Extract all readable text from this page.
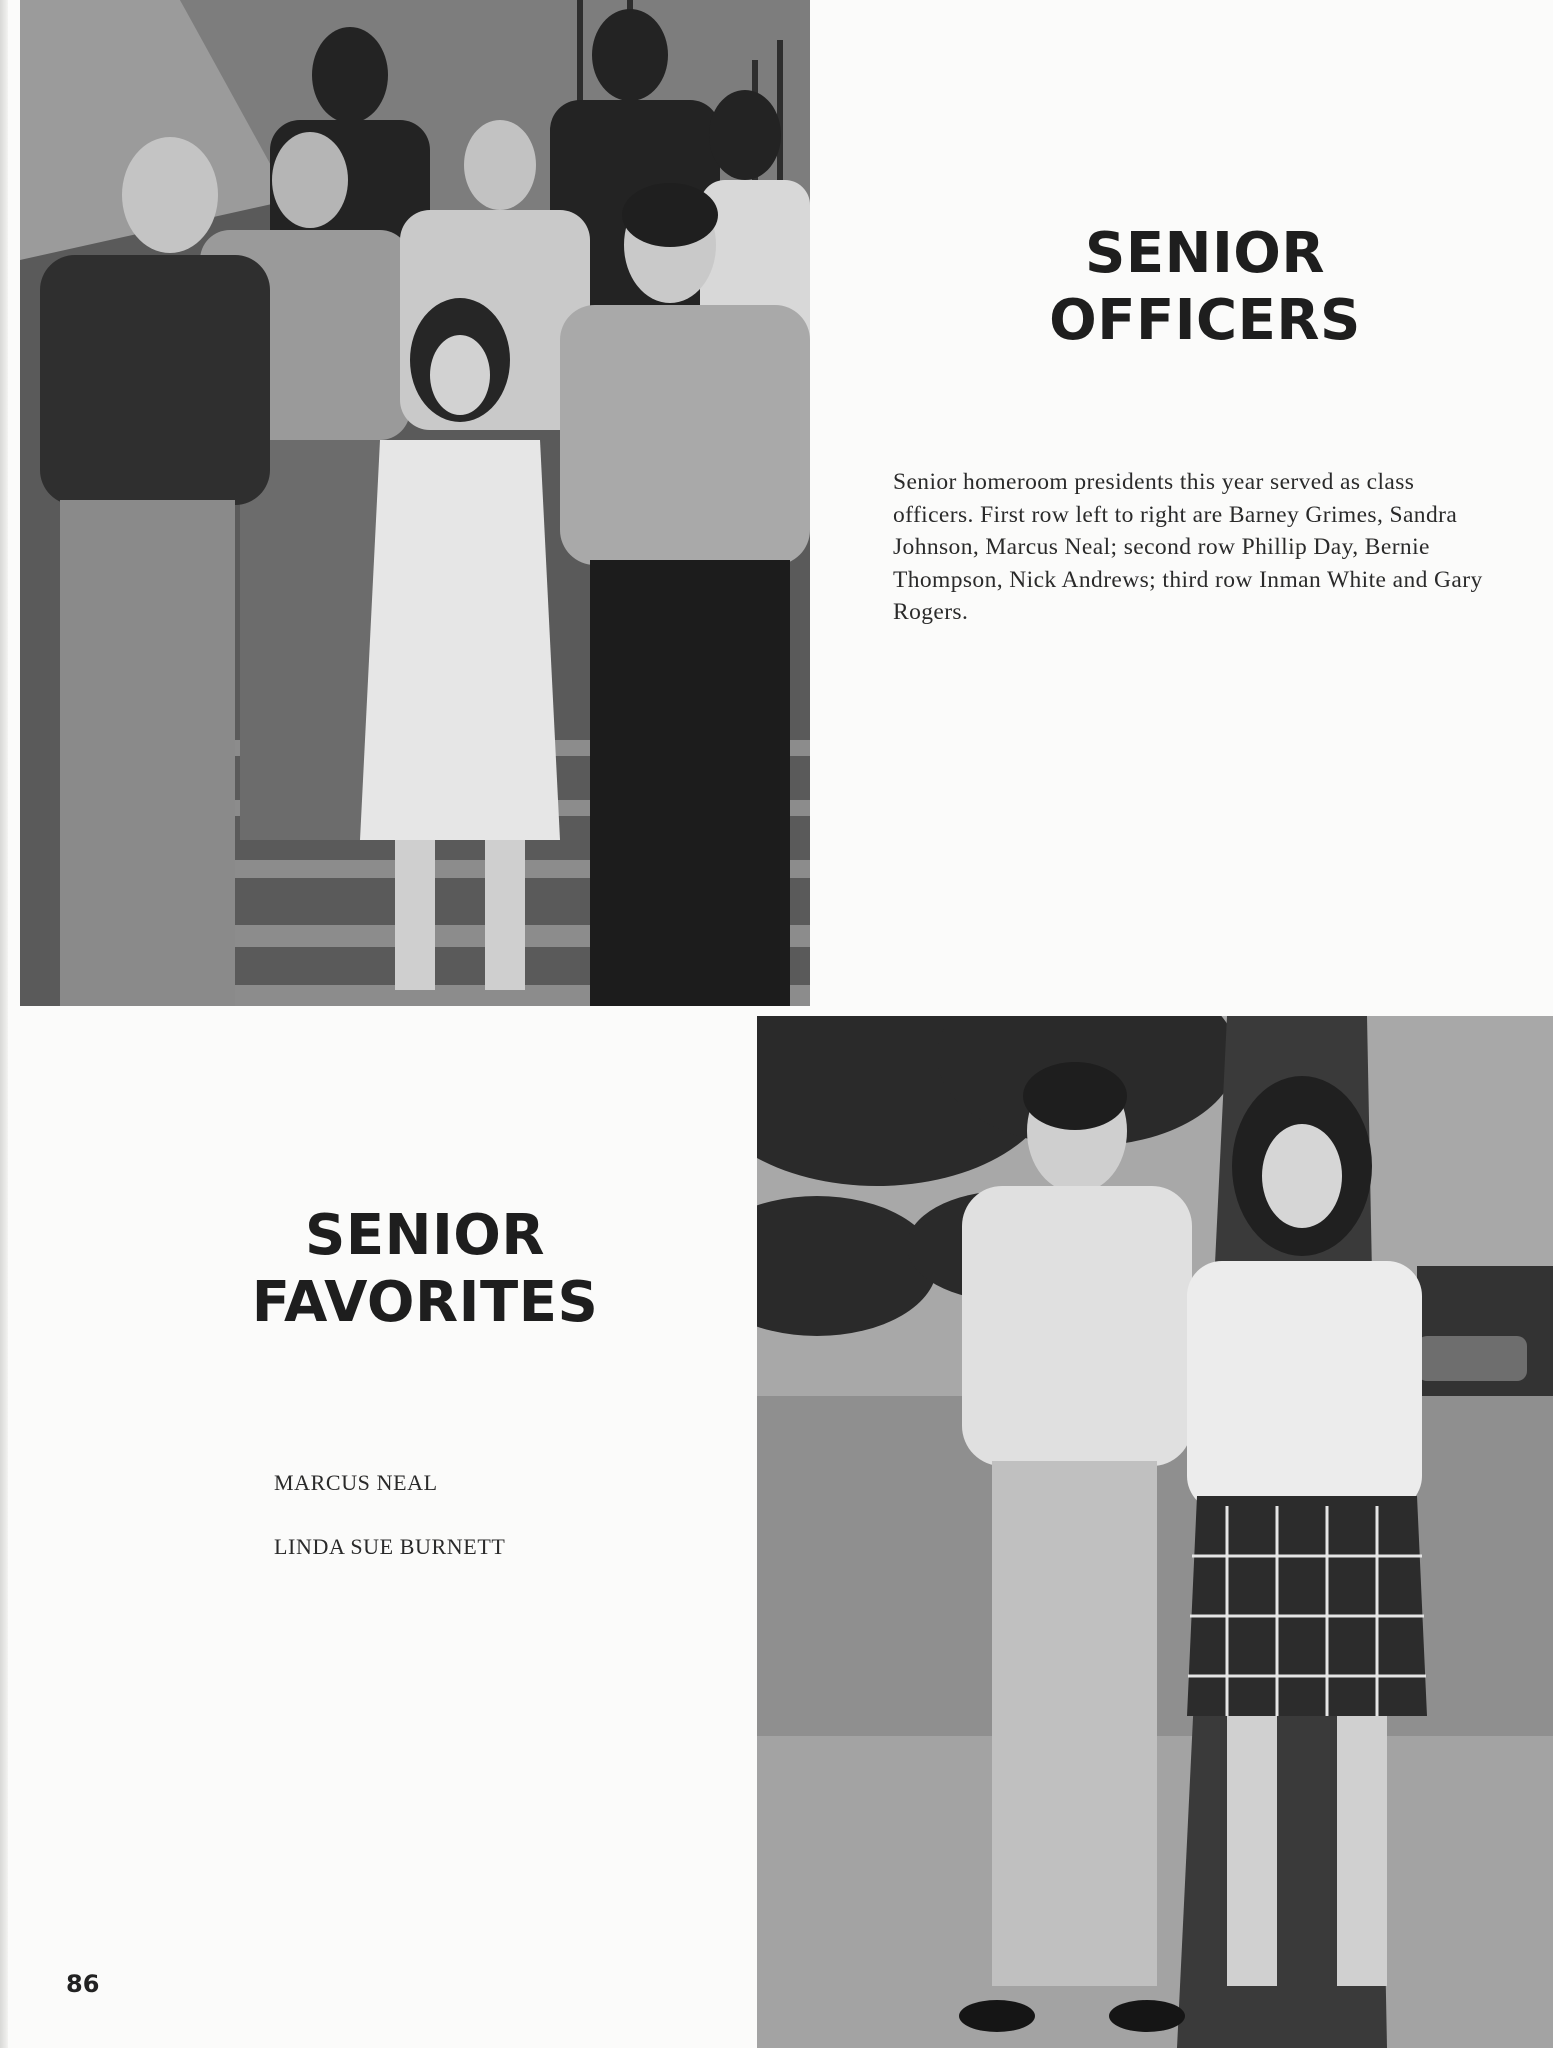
SENIOR
OFFICERS
Senior homeroom presidents this year served as class officers. First row left to right are Barney Grimes, Sandra Johnson, Marcus Neal; second row Phillip Day, Bernie Thompson, Nick Andrews; third row Inman White and Gary Rogers.
SENIOR
FAVORITES
MARCUS NEAL
LINDA SUE BURNETT
86
